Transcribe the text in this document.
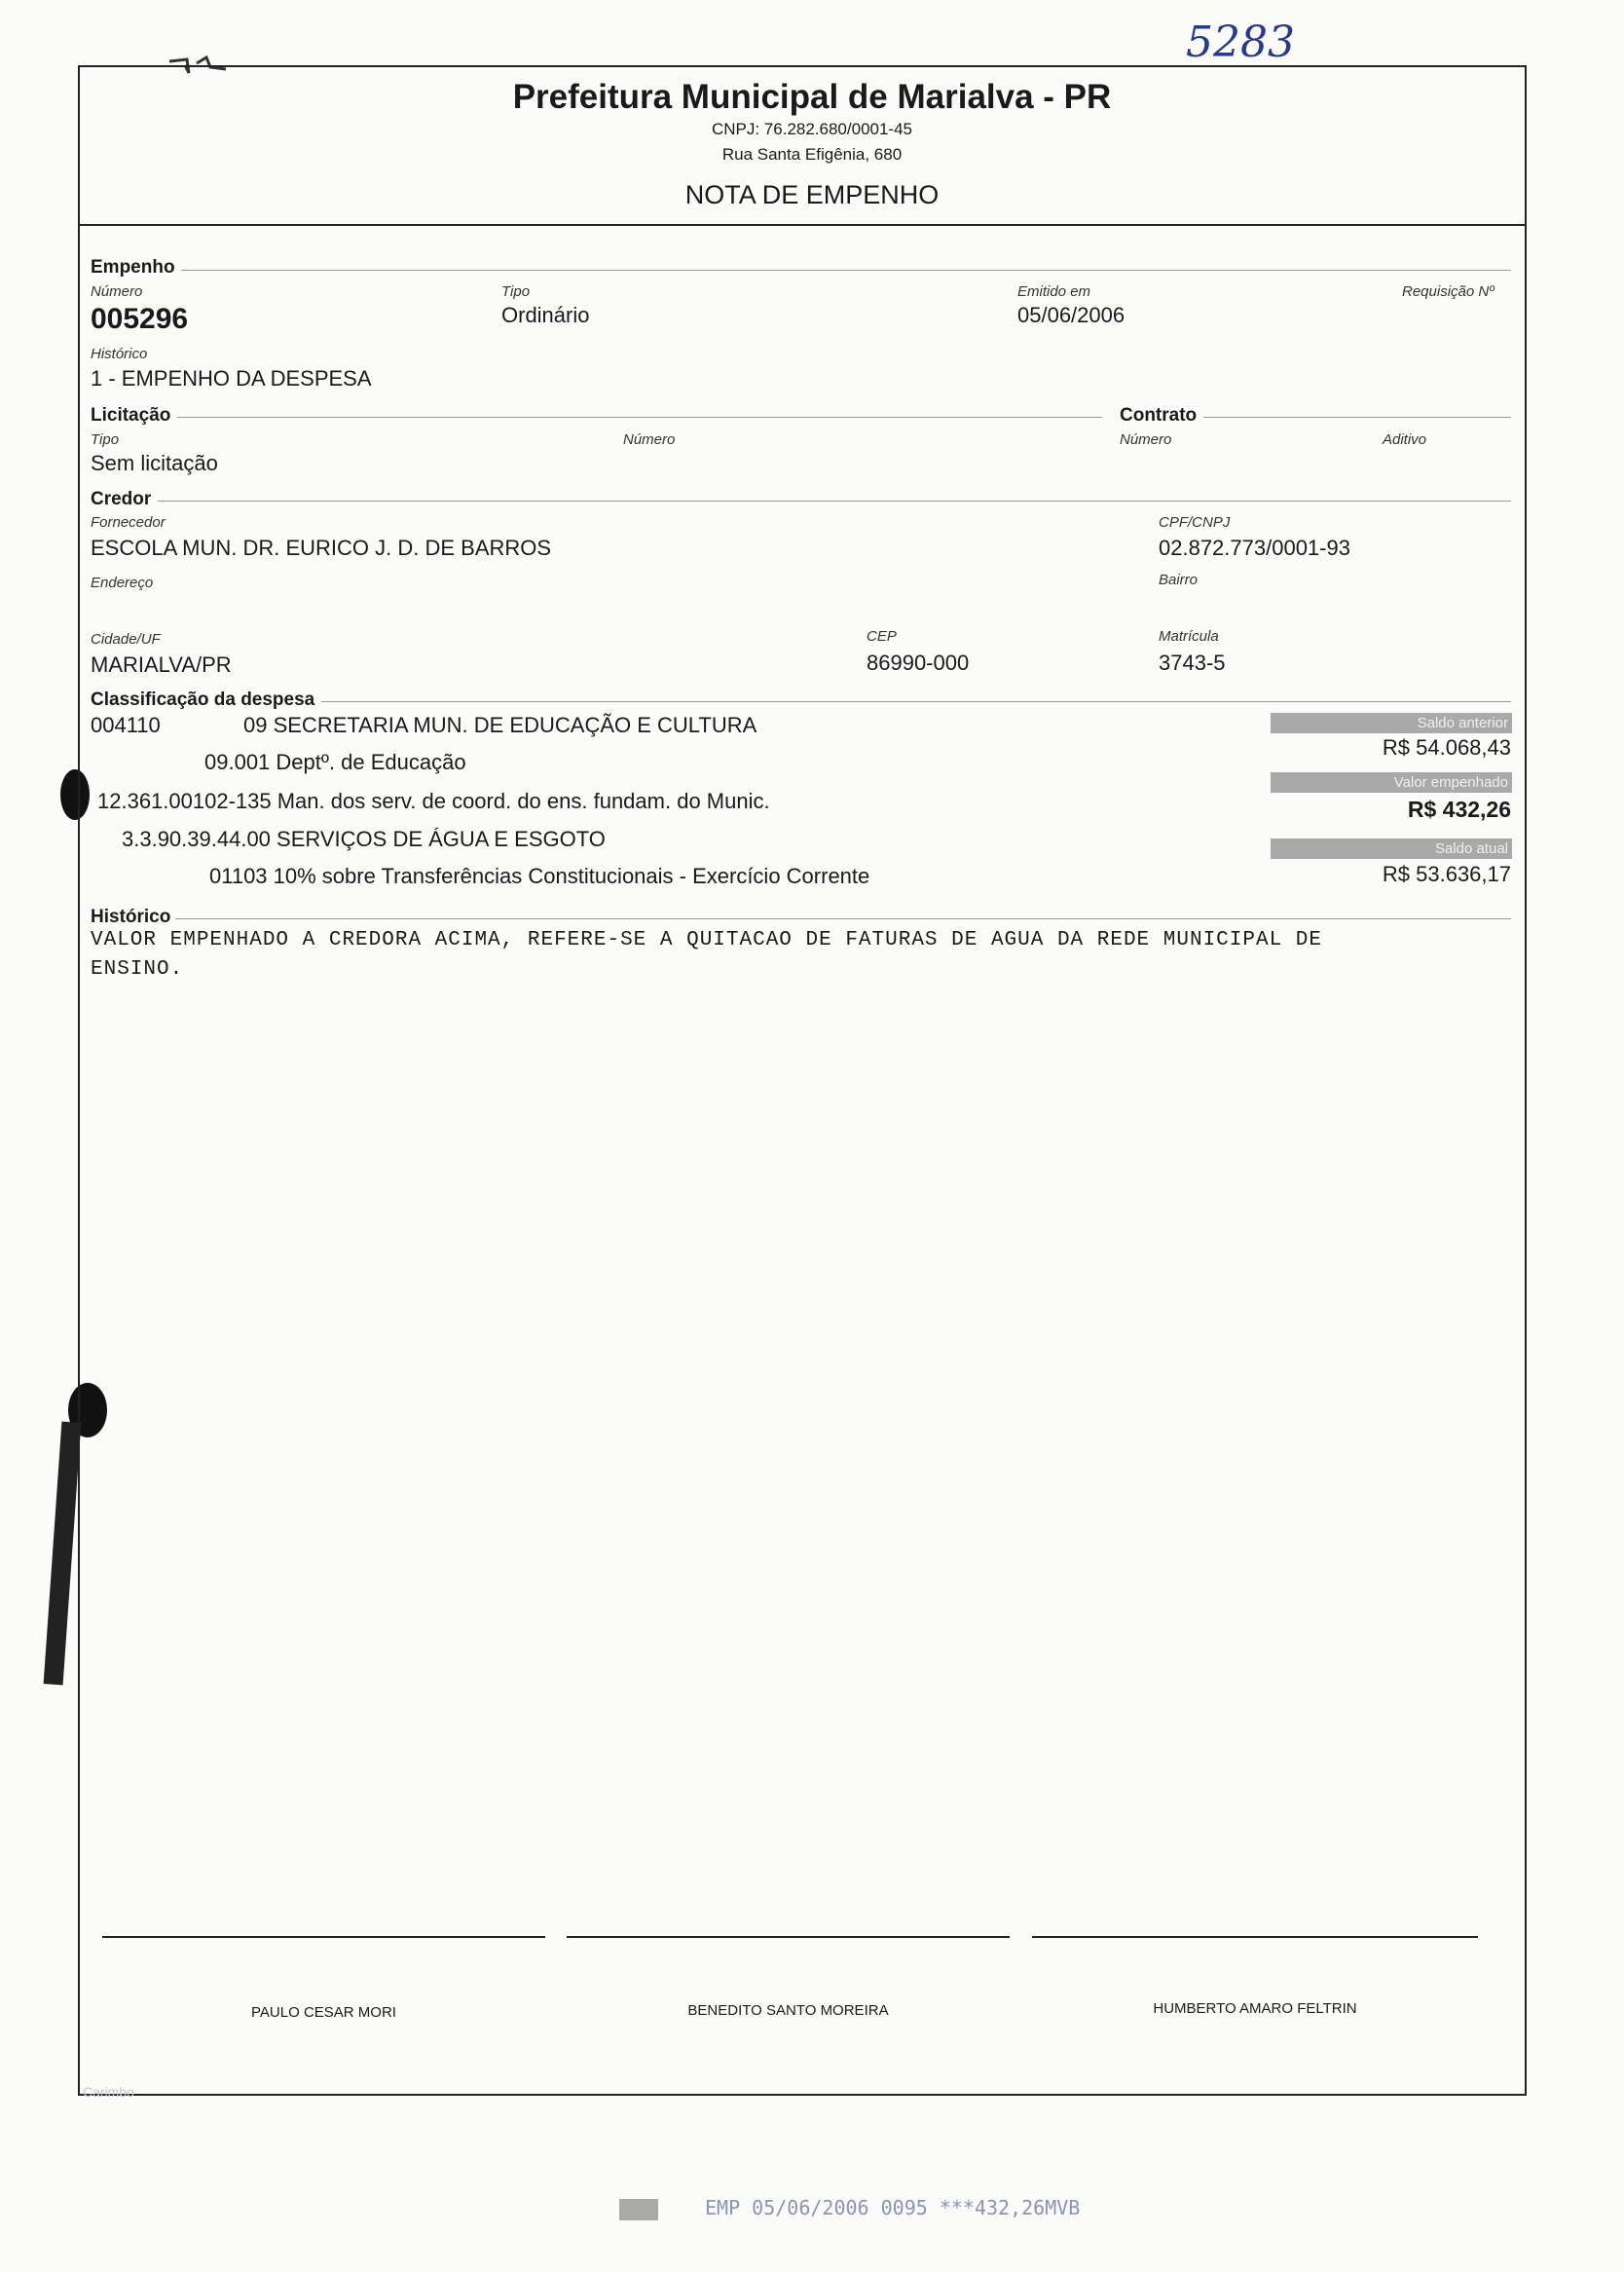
5283
Prefeitura Municipal de Marialva - PR
CNPJ: 76.282.680/0001-45
Rua Santa Efigênia, 680
NOTA DE EMPENHO
Empenho
Número
005296
Tipo
Ordinário
Emitido em
05/06/2006
Requisição Nº
Histórico
1 - EMPENHO DA DESPESA
Licitação	Contrato
Tipo
Sem licitação
Número	Número	Aditivo
Credor
Fornecedor
ESCOLA MUN. DR. EURICO J. D. DE BARROS
CPF/CNPJ
02.872.773/0001-93
Endereço	Bairro
Cidade/UF
MARIALVA/PR
CEP
86990-000
Matrícula
3743-5
Classificação da despesa
004110	09 SECRETARIA MUN. DE EDUCAÇÃO E CULTURA
09.001 Deptº. de Educação
12.361.00102-135 Man. dos serv. de coord. do ens. fundam. do Munic.
3.3.90.39.44.00 SERVIÇOS DE ÁGUA E ESGOTO
01103 10% sobre Transferências Constitucionais - Exercício Corrente
Saldo anterior
R$ 54.068,43
Valor empenhado
R$ 432,26
Saldo atual
R$ 53.636,17
Histórico
VALOR EMPENHADO A CREDORA ACIMA, REFERE-SE A QUITACAO DE FATURAS DE AGUA DA REDE MUNICIPAL DE
ENSINO.
PAULO CESAR MORI	BENEDITO SANTO MOREIRA	HUMBERTO AMARO FELTRIN
Carimbo
EMP 05/06/2006 0095 ***432,26MVB
